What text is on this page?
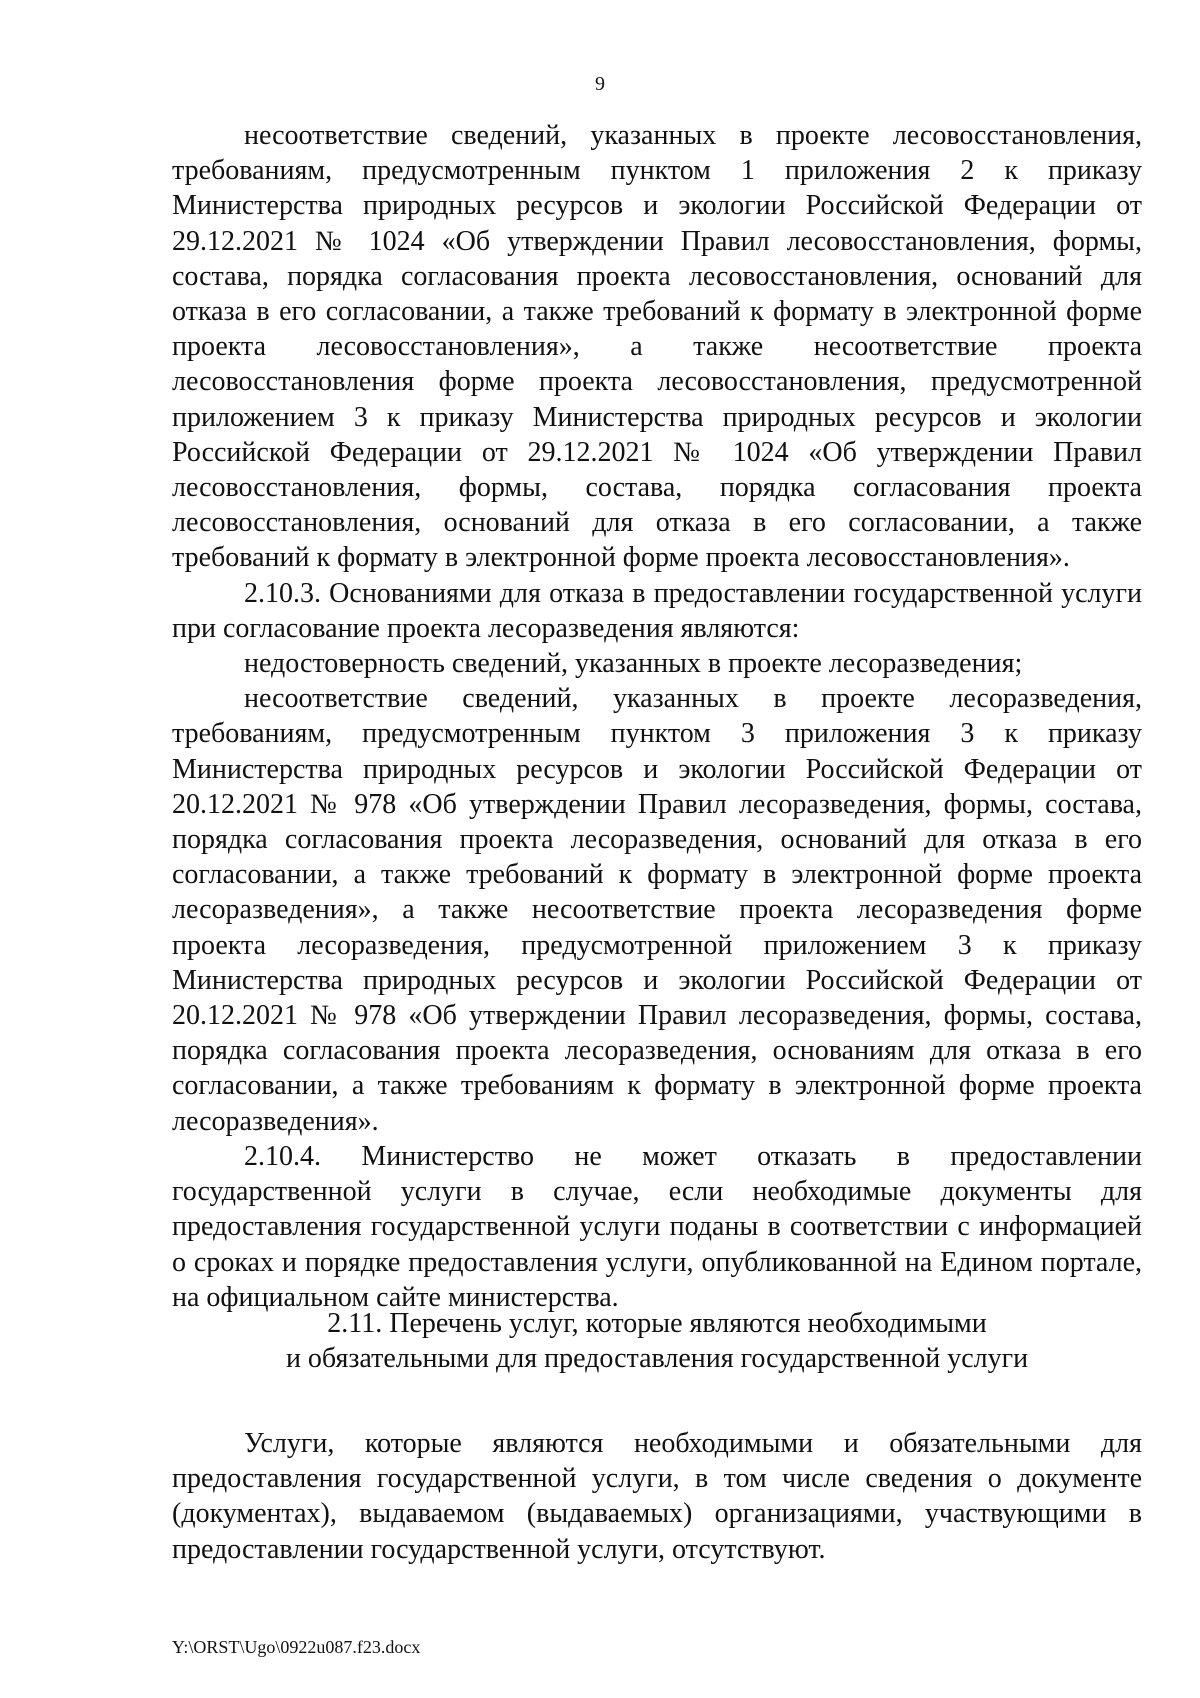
9

несоответствие сведений, указанных в проекте лесовосстановления, требованиям, предусмотренным пунктом 1 приложения 2 к приказу Министерства природных ресурсов и экологии Российской Федерации от 29.12.2021 № 1024 «Об утверждении Правил лесовосстановления, формы, состава, порядка согласования проекта лесовосстановления, оснований для отказа в его согласовании, а также требований к формату в электронной форме проекта лесовосстановления», а также несоответствие проекта лесовосстановления форме проекта лесовосстановления, предусмотренной приложением 3 к приказу Министерства природных ресурсов и экологии Российской Федерации от 29.12.2021 № 1024 «Об утверждении Правил лесовосстановления, формы, состава, порядка согласования проекта лесовосстановления, оснований для отказа в его согласовании, а также требований к формату в электронной форме проекта лесовосстановления».

2.10.3. Основаниями для отказа в предоставлении государственной услуги при согласование проекта лесоразведения являются:

недостоверность сведений, указанных в проекте лесоразведения;

несоответствие сведений, указанных в проекте лесоразведения, требованиям, предусмотренным пунктом 3 приложения 3 к приказу Министерства природных ресурсов и экологии Российской Федерации от 20.12.2021 № 978 «Об утверждении Правил лесоразведения, формы, состава, порядка согласования проекта лесоразведения, оснований для отказа в его согласовании, а также требований к формату в электронной форме проекта лесоразведения», а также несоответствие проекта лесоразведения форме проекта лесоразведения, предусмотренной приложением 3 к приказу Министерства природных ресурсов и экологии Российской Федерации от 20.12.2021 № 978 «Об утверждении Правил лесоразведения, формы, состава, порядка согласования проекта лесоразведения, основаниям для отказа в его согласовании, а также требованиям к формату в электронной форме проекта лесоразведения».

2.10.4. Министерство не может отказать в предоставлении государственной услуги в случае, если необходимые документы для предоставления государственной услуги поданы в соответствии с информацией о сроках и порядке предоставления услуги, опубликованной на Едином портале, на официальном сайте министерства.

2.11. Перечень услуг, которые являются необходимыми
и обязательными для предоставления государственной услуги

Услуги, которые являются необходимыми и обязательными для предоставления государственной услуги, в том числе сведения о документе (документах), выдаваемом (выдаваемых) организациями, участвующими в предоставлении государственной услуги, отсутствуют.

Y:\ORST\Ugo\0922u087.f23.docx
